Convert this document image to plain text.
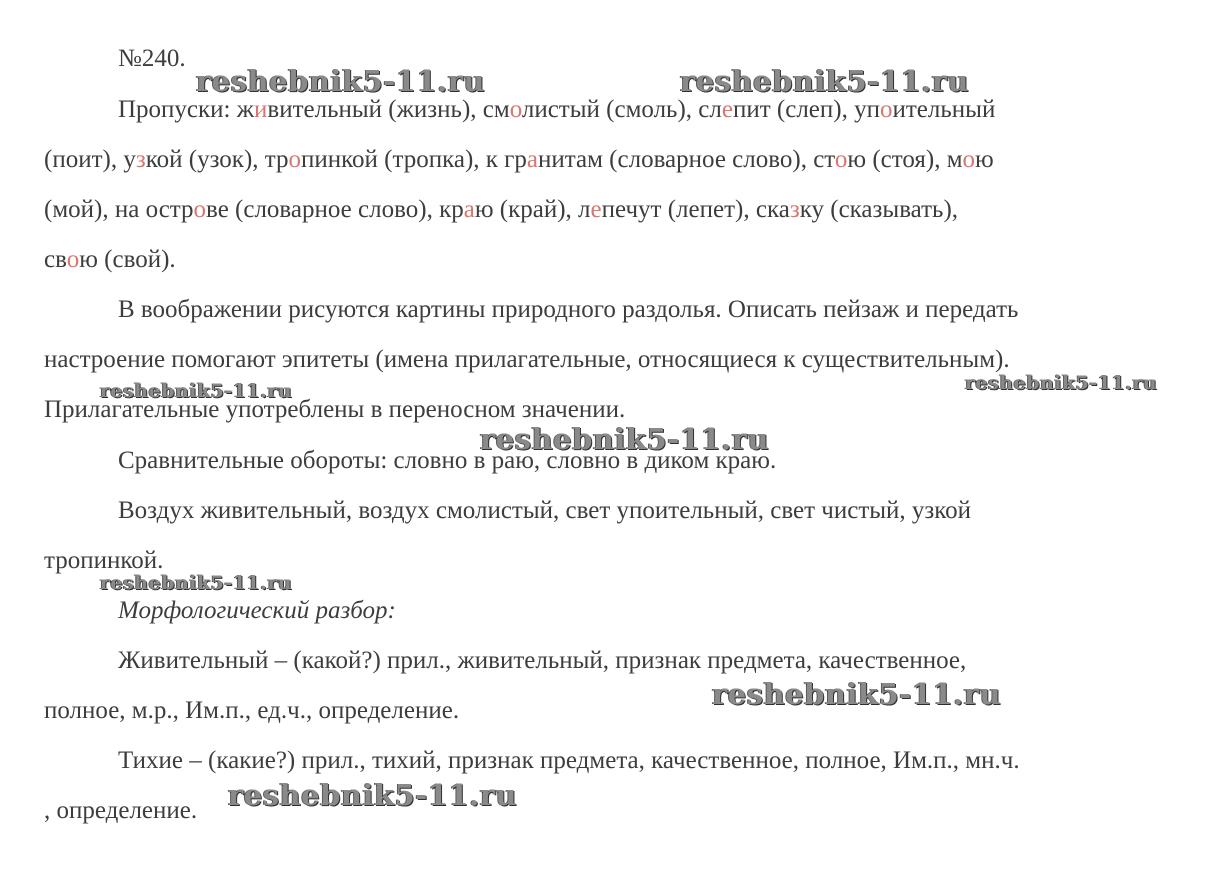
№240.

Пропуски: живительный (жизнь), смолистый (смоль), слепит (слеп), упоительный

(поит), узкой (узок), тропинкой (тропка), к гранитам (словарное слово), стою (стоя), мою

(мой), на острове (словарное слово), краю (край), лепечут (лепет), сказку (сказывать),

свою (свой).

В воображении рисуются картины природного раздолья. Описать пейзаж и передать

настроение помогают эпитеты (имена прилагательные, относящиеся к существительным).

Прилагательные употреблены в переносном значении.

Сравнительные обороты: словно в раю, словно в диком краю.

Воздух живительный, воздух смолистый, свет упоительный, свет чистый, узкой

тропинкой.

Морфологический разбор:

Живительный – (какой?) прил., живительный, признак предмета, качественное,

полное, м.р., Им.п., ед.ч., определение.

Тихие – (какие?) прил., тихий, признак предмета, качественное, полное, Им.п., мн.ч.

, определение.

reshebnik5-11.ru	reshebnik5-11.ru
reshebnik5-11.ru	reshebnik5-11.ru
reshebnik5-11.ru
reshebnik5-11.ru
reshebnik5-11.ru
reshebnik5-11.ru
